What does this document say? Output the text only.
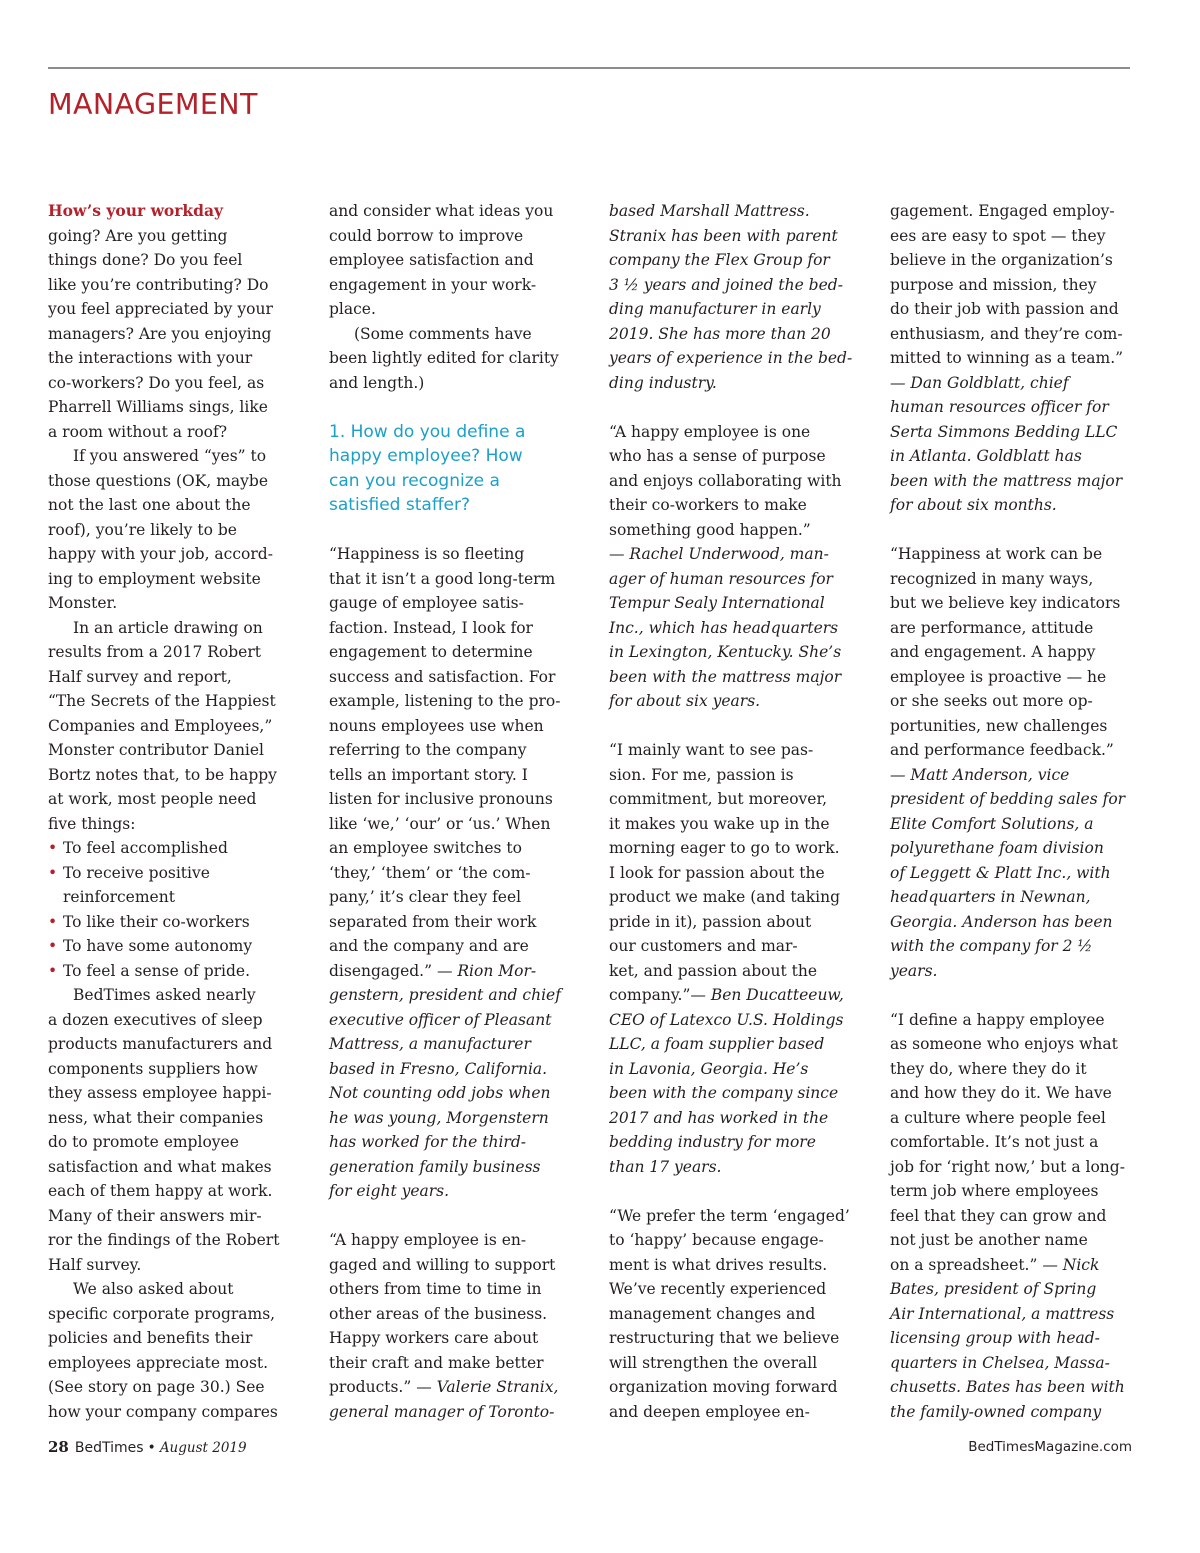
MANAGEMENT
How’s your workday
going? Are you getting
things done? Do you feel
like you’re contributing? Do
you feel appreciated by your
managers? Are you enjoying
the interactions with your
co-workers? Do you feel, as
Pharrell Williams sings, like
a room without a roof?
If you answered “yes” to
those questions (OK, maybe
not the last one about the
roof), you’re likely to be
happy with your job, accord-
ing to employment website
Monster.
In an article drawing on
results from a 2017 Robert
Half survey and report,
“The Secrets of the Happiest
Companies and Employees,”
Monster contributor Daniel
Bortz notes that, to be happy
at work, most people need
five things:
• To feel accomplished
• To receive positive
reinforcement
• To like their co-workers
• To have some autonomy
• To feel a sense of pride.
BedTimes asked nearly
a dozen executives of sleep
products manufacturers and
components suppliers how
they assess employee happi-
ness, what their companies
do to promote employee
satisfaction and what makes
each of them happy at work.
Many of their answers mir-
ror the findings of the Robert
Half survey.
We also asked about
specific corporate programs,
policies and benefits their
employees appreciate most.
(See story on page 30.) See
how your company compares
and consider what ideas you
could borrow to improve
employee satisfaction and
engagement in your work-
place.
(Some comments have
been lightly edited for clarity
and length.)
1. How do you define a
happy employee? How
can you recognize a
satisfied staffer?
“Happiness is so fleeting
that it isn’t a good long-term
gauge of employee satis-
faction. Instead, I look for
engagement to determine
success and satisfaction. For
example, listening to the pro-
nouns employees use when
referring to the company
tells an important story. I
listen for inclusive pronouns
like ‘we,’ ‘our’ or ‘us.’ When
an employee switches to
‘they,’ ‘them’ or ‘the com-
pany,’ it’s clear they feel
separated from their work
and the company and are
disengaged.” — Rion Mor-
genstern, president and chief
executive officer of Pleasant
Mattress, a manufacturer
based in Fresno, California.
Not counting odd jobs when
he was young, Morgenstern
has worked for the third-
generation family business
for eight years.
“A happy employee is en-
gaged and willing to support
others from time to time in
other areas of the business.
Happy workers care about
their craft and make better
products.” — Valerie Stranix,
general manager of Toronto-
based Marshall Mattress.
Stranix has been with parent
company the Flex Group for
3 ½ years and joined the bed-
ding manufacturer in early
2019. She has more than 20
years of experience in the bed-
ding industry.
“A happy employee is one
who has a sense of purpose
and enjoys collaborating with
their co-workers to make
something good happen.”
— Rachel Underwood, man-
ager of human resources for
Tempur Sealy International
Inc., which has headquarters
in Lexington, Kentucky. She’s
been with the mattress major
for about six years.
“I mainly want to see pas-
sion. For me, passion is
commitment, but moreover,
it makes you wake up in the
morning eager to go to work.
I look for passion about the
product we make (and taking
pride in it), passion about
our customers and mar-
ket, and passion about the
company.”— Ben Ducatteeuw,
CEO of Latexco U.S. Holdings
LLC, a foam supplier based
in Lavonia, Georgia. He’s
been with the company since
2017 and has worked in the
bedding industry for more
than 17 years.
“We prefer the term ‘engaged’
to ‘happy’ because engage-
ment is what drives results.
We’ve recently experienced
management changes and
restructuring that we believe
will strengthen the overall
organization moving forward
and deepen employee en-
gagement. Engaged employ-
ees are easy to spot — they
believe in the organization’s
purpose and mission, they
do their job with passion and
enthusiasm, and they’re com-
mitted to winning as a team.”
— Dan Goldblatt, chief
human resources officer for
Serta Simmons Bedding LLC
in Atlanta. Goldblatt has
been with the mattress major
for about six months.
“Happiness at work can be
recognized in many ways,
but we believe key indicators
are performance, attitude
and engagement. A happy
employee is proactive — he
or she seeks out more op-
portunities, new challenges
and performance feedback.”
— Matt Anderson, vice
president of bedding sales for
Elite Comfort Solutions, a
polyurethane foam division
of Leggett & Platt Inc., with
headquarters in Newnan,
Georgia. Anderson has been
with the company for 2 ½
years.
“I define a happy employee
as someone who enjoys what
they do, where they do it
and how they do it. We have
a culture where people feel
comfortable. It’s not just a
job for ‘right now,’ but a long-
term job where employees
feel that they can grow and
not just be another name
on a spreadsheet.” — Nick
Bates, president of Spring
Air International, a mattress
licensing group with head-
quarters in Chelsea, Massa-
chusetts. Bates has been with
the family-owned company
28 BedTimes • August 2019	BedTimesMagazine.com
